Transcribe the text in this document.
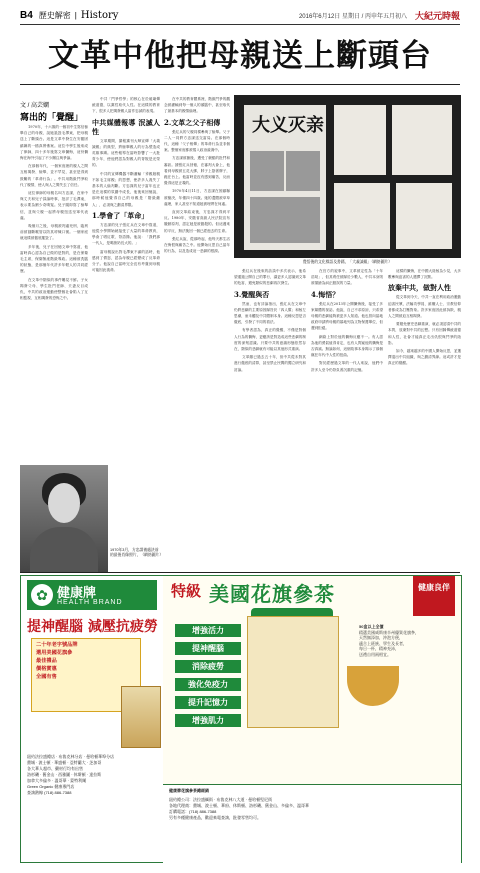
B4 歷史解密 | History	2016年6月12日 星期日 / 丙申年五月初八 大紀元時報
文革中他把母親送上斷頭台
文 / 高芸嫻
寫出的「覺醒」

1970年，十六歲的一個初中生寫信檢舉自己的母親，說她詆毀毛澤東，把母親送上了斷頭台。這是文革中發生在安徽固鎮縣的一樁真實慘案。這位中學生後來成了律師，四十多年後寫文章懺悔，這份懺悔在海外引起了不少關注與爭論。

在那個年代，一個家庭裡的親人之間互相揭發、檢舉，並不罕見，甚至是得到鼓勵的「革命行為」。中共用階級鬥爭取代了親情，使人與人之間失去了信任。

這位律師的母親名叫方忠謀，在家中與丈夫和兒子談論時事，批評了毛澤東，表示要為劉少奇鳴冤。兒子隨即寫了檢舉信，並與父親一起將母親扭送至軍代表處。

幾個月之後，母親被判處死刑，臨刑前被割斷喉管以防其呼喊口號。一個家庭就這樣被徹底摧毀了。

多年後，兒子在回憶文章中寫道，他當時真心認為自己做的是對的，是在保衛毛主席，保衛無產階級專政。這種被洗腦的狀態，是那個年代許多年輕人的共同經歷。

在文革中類似的事件屢見不鮮。子女揭發父母、學生批鬥老師、夫妻反目成仇，中共的政治運動使整個社會陷入了互相監視、互相揭發的恐怖之中。

中共「鬥爭哲學」的核心在於破壞傳統道德，以黨性取代人性。在這樣的教育下，很多人把揭發親人當作忠誠的表現。

中共媒體報導 泯滅人性

文革期間，黨報黨刊大肆宣傳「大義滅親」的典型，將檢舉親人的行為塑造成英雄事蹟。這些報導在當時影響了一大批青少年，使他們認為對親人的背叛是光榮的。

中共的宣傳機器不斷灌輸「爹親娘親不如毛主席親」的思想，使許多人喪失了基本的人倫判斷。方忠謀的兒子當年也正是在這樣的氛圍中成長，他後來回憶說，那時候他覺得自己的母親是「階級敵人」，必須與之劃清界限。

1.學會了「革命」

方忠謀的兒子張紅兵在文章中寫道，他從小學開始就接受了大量的革命教育，學會了唱紅歌、背語錄。他說：「我們那一代人，是喝狼奶長大的。」

當母親說出對毛澤東不滿的話時，他感到了憤怒，認為母親已經變成了反革命分子。他說自己當時完全沒有考慮到母親可能因此喪命。

在中共的教育體系裡，階級鬥爭的觀念被灌輸到每一個人的頭腦中，甚至取代了最基本的親情倫理。

2.文革之父子相傳

張紅兵的父親同樣參與了檢舉。父子二人一同將方忠謀送交當局。在那個時代，這種「父子相傳」的革命行為並非個案。整個家庭都被捲入政治漩渦中。

方忠謀被捕後，遭受了嚴酷的批鬥和審訊。據張紅兵回憶，在審判大會上，他看到母親被五花大綁，脖子上掛著牌子，跪在台上。他當時並沒有感到痛苦，反而覺得這是正義的。

1970年4月11日，方忠謀在固鎮縣被槍決，年僅四十四歲。她的遺體被草草處理，家人甚至不知道她被埋葬在何處。

直到文革結束後，方忠謀才得到平反。1980年，安徽省高級人民法院宣布撤銷原判，認定她是被錯殺的。但這遲來的平反，無法挽回一個已經逝去的生命。

張紅兵說，從那時起，他每天都生活在悔恨與痛苦之中。他開始反思自己當年的行為，以及造成這一悲劇的根源。

大义灭亲
覺悟後的文化標語及書籍，「大義滅親」（網絡圖片）

張紅兵在後來的訪談中多次表示，他希望通過公開自己的罪行，讓更多人認識到文革的危害，避免類似的悲劇再次發生。

3.覺醒與否

然而，也有評論指出，張紅兵在文章中仍將悲劇的主要原因歸咎於「四人幫」和極左思潮，而未觸及中共體制本身。這種反思是否徹底，引發了不同的看法。

有學者認為，真正的覺醒，不僅是對個人行為的懺悔，更應該是對造成這些悲劇的制度的深刻認識。只要中共的意識形態依然存在，類似的悲劇就有可能以其他形式重演。

文革雖已過去五十年，但中共從未對其進行徹底的清算，甚至禁止民間的獨立研究和討論。

在官方的敘事中，文革被定性為「十年浩劫」，但其責任被歸於少數人，中共本身則被描繪為糾正錯誤的力量。

4.悔悟？

張紅兵在2013年公開懺悔後，接受了多家媒體的採訪。他說，自己不求原諒，只希望母親的悲劇能夠被更多人知道。他也曾向當地政府申請將母親的墓地列為文物保護單位，但遭到拒絕。

網絡上對於他的懺悔反應不一。有人認為他的勇氣值得肯定，也有人質疑他的懺悔是否真誠。無論如何，這個故事本身揭示了那個瘋狂年代中人性的扭曲。

對於經歷過文革的一代人來說，他們中許多人至今仍背負著沉重的記憶。

這樣的懺悔，在中國大陸極為少見，大多數參與迫害的人選擇了沉默。

放棄中共，做對人性

從文革到今天，中共一直在利用政治運動迫害民眾，法輪功學員、維權人士、宗教信仰者都成為打壓對象。許多家庭因此被拆散，親人之間被迫互相揭發。

要避免歷史悲劇重演，就必須認清中共的本質，放棄對中共的幻想。只有回歸傳統道德和人性，社會才能真正走出仇恨與鬥爭的陰影。

如今，越來越多的中國人開始反思，並選擇退出中共組織，與之劃清界線。這或許才是真正的覺醒。

1970年3月，方忠謀被處決前的最後肖像照片，（網絡圖片）
✿ 健康牌
HEALTH BRAND
提神醒腦 減壓抗疲勞
二十年老字號品牌
選用美國花旗參
最佳禮品
價格實惠
全國有售
紐約法拉盛總店 · 布魯克林分店 · 曼哈頓華埠分店
費城 · 波士頓 · 華盛頓 · 亞特蘭大 · 芝加哥
各大華人超市、藥材行均有出售
洛杉磯 · 舊金山 · 西雅圖 · 休斯頓 · 達拉斯
加拿大多倫多 · 溫哥華 · 蒙特利爾
Green Organic 健康專門店
查詢熱線 (718) 886-7388
特級 美國花旗參茶	健康良伴
增強活力
提神醒腦
消除疲勞
強化免疫力
提升記憶力
增強肌力
50盒以上全價
精選美國威斯康辛州優質花旗參，
天然無添加，沖泡方便，
適合上班族、學生及長者，
每日一杯，精神充沛，
送禮自用兩相宜。
健康牌花旗參茶總經銷
紐約總公司：法拉盛緬街 · 布魯克林八大道 · 曼哈頓堅尼街
各地代理商：費城、波士頓、華府、休斯頓、洛杉磯、舊金山、多倫多、溫哥華
訂購電話：(718) 886-7388
另有多種健康產品，歡迎來電查詢，批發零售均可。
